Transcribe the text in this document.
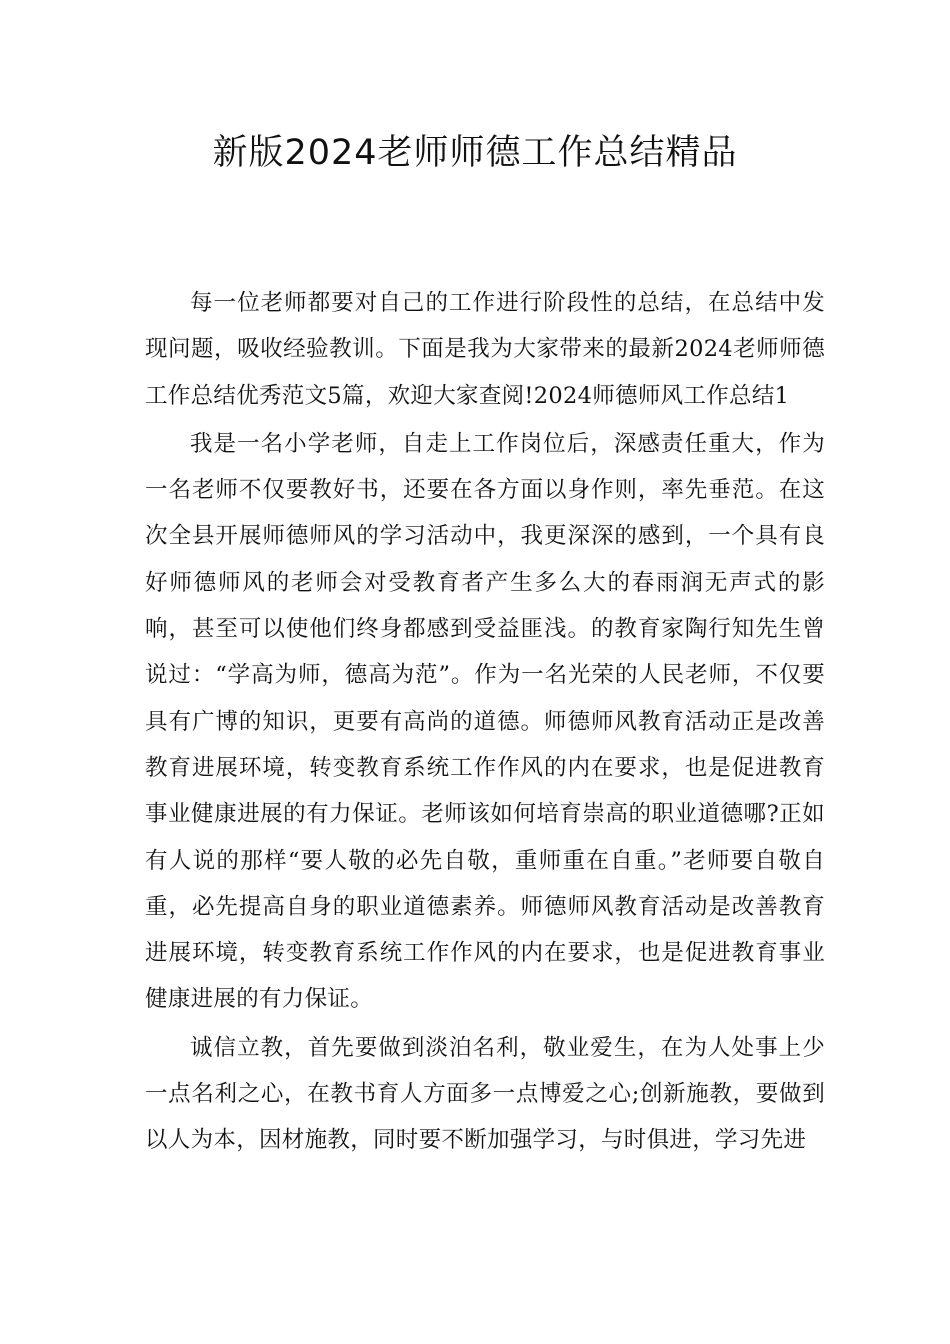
新版2024老师师德工作总结精品

每一位老师都要对自己的工作进行阶段性的总结，在总结中发现问题，吸收经验教训。下面是我为大家带来的最新2024老师师德工作总结优秀范文5篇，欢迎大家查阅!2024师德师风工作总结1

我是一名小学老师，自走上工作岗位后，深感责任重大，作为一名老师不仅要教好书，还要在各方面以身作则，率先垂范。在这次全县开展师德师风的学习活动中，我更深深的感到，一个具有良好师德师风的老师会对受教育者产生多么大的春雨润无声式的影响，甚至可以使他们终身都感到受益匪浅。的教育家陶行知先生曾说过：“学高为师，德高为范”。作为一名光荣的人民老师，不仅要具有广博的知识，更要有高尚的道德。师德师风教育活动正是改善教育进展环境，转变教育系统工作作风的内在要求，也是促进教育事业健康进展的有力保证。老师该如何培育崇高的职业道德哪?正如有人说的那样“要人敬的必先自敬，重师重在自重。”老师要自敬自重，必先提高自身的职业道德素养。师德师风教育活动是改善教育进展环境，转变教育系统工作作风的内在要求，也是促进教育事业健康进展的有力保证。

诚信立教，首先要做到淡泊名利，敬业爱生，在为人处事上少一点名利之心，在教书育人方面多一点博爱之心;创新施教，要做到以人为本，因材施教，同时要不断加强学习，与时俱进，学习先进
